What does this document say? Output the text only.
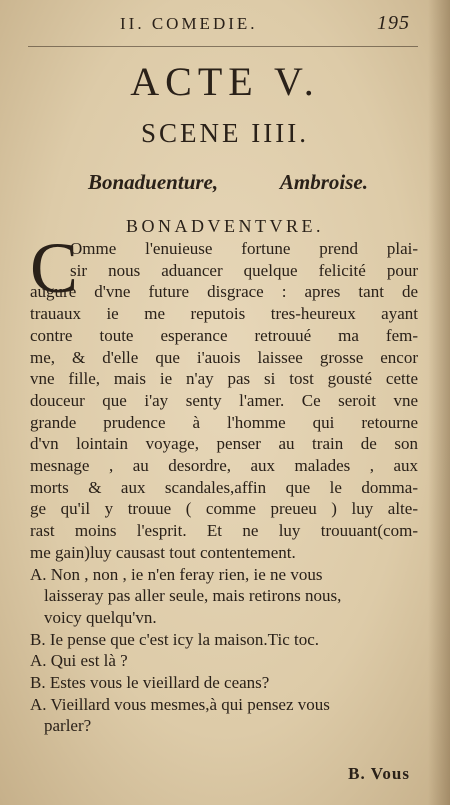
II. COMEDIE.	195
ACTE V.
SCENE IIII.
Bonaduenture,	Ambroise.
BONADVENTVRE.
C
Omme l'enuieuse fortune prend plai-
sir nous aduancer quelque felicité pour
augure d'vne future disgrace : apres tant de
trauaux ie me reputois tres-heureux ayant
contre toute esperance retrouué ma fem-
me, & d'elle que i'auois laissee grosse encor
vne fille, mais ie n'ay pas si tost gousté cette
douceur que i'ay senty l'amer. Ce seroit vne
grande prudence à l'homme qui retourne
d'vn lointain voyage, penser au train de son
mesnage , au desordre, aux malades , aux
morts & aux scandales,affin que le domma-
ge qu'il y trouue ( comme preueu ) luy alte-
rast moins l'esprit. Et ne luy trouuant(com-
me gain)luy causast tout contentement.
A. Non , non , ie n'en feray rien, ie ne vous
laisseray pas aller seule, mais retirons nous,
voicy quelqu'vn.
B. Ie pense que c'est icy la maison.Tic toc.
A. Qui est là ?
B. Estes vous le vieillard de ceans?
A. Vieillard vous mesmes,à qui pensez vous
parler?
B. Vous
